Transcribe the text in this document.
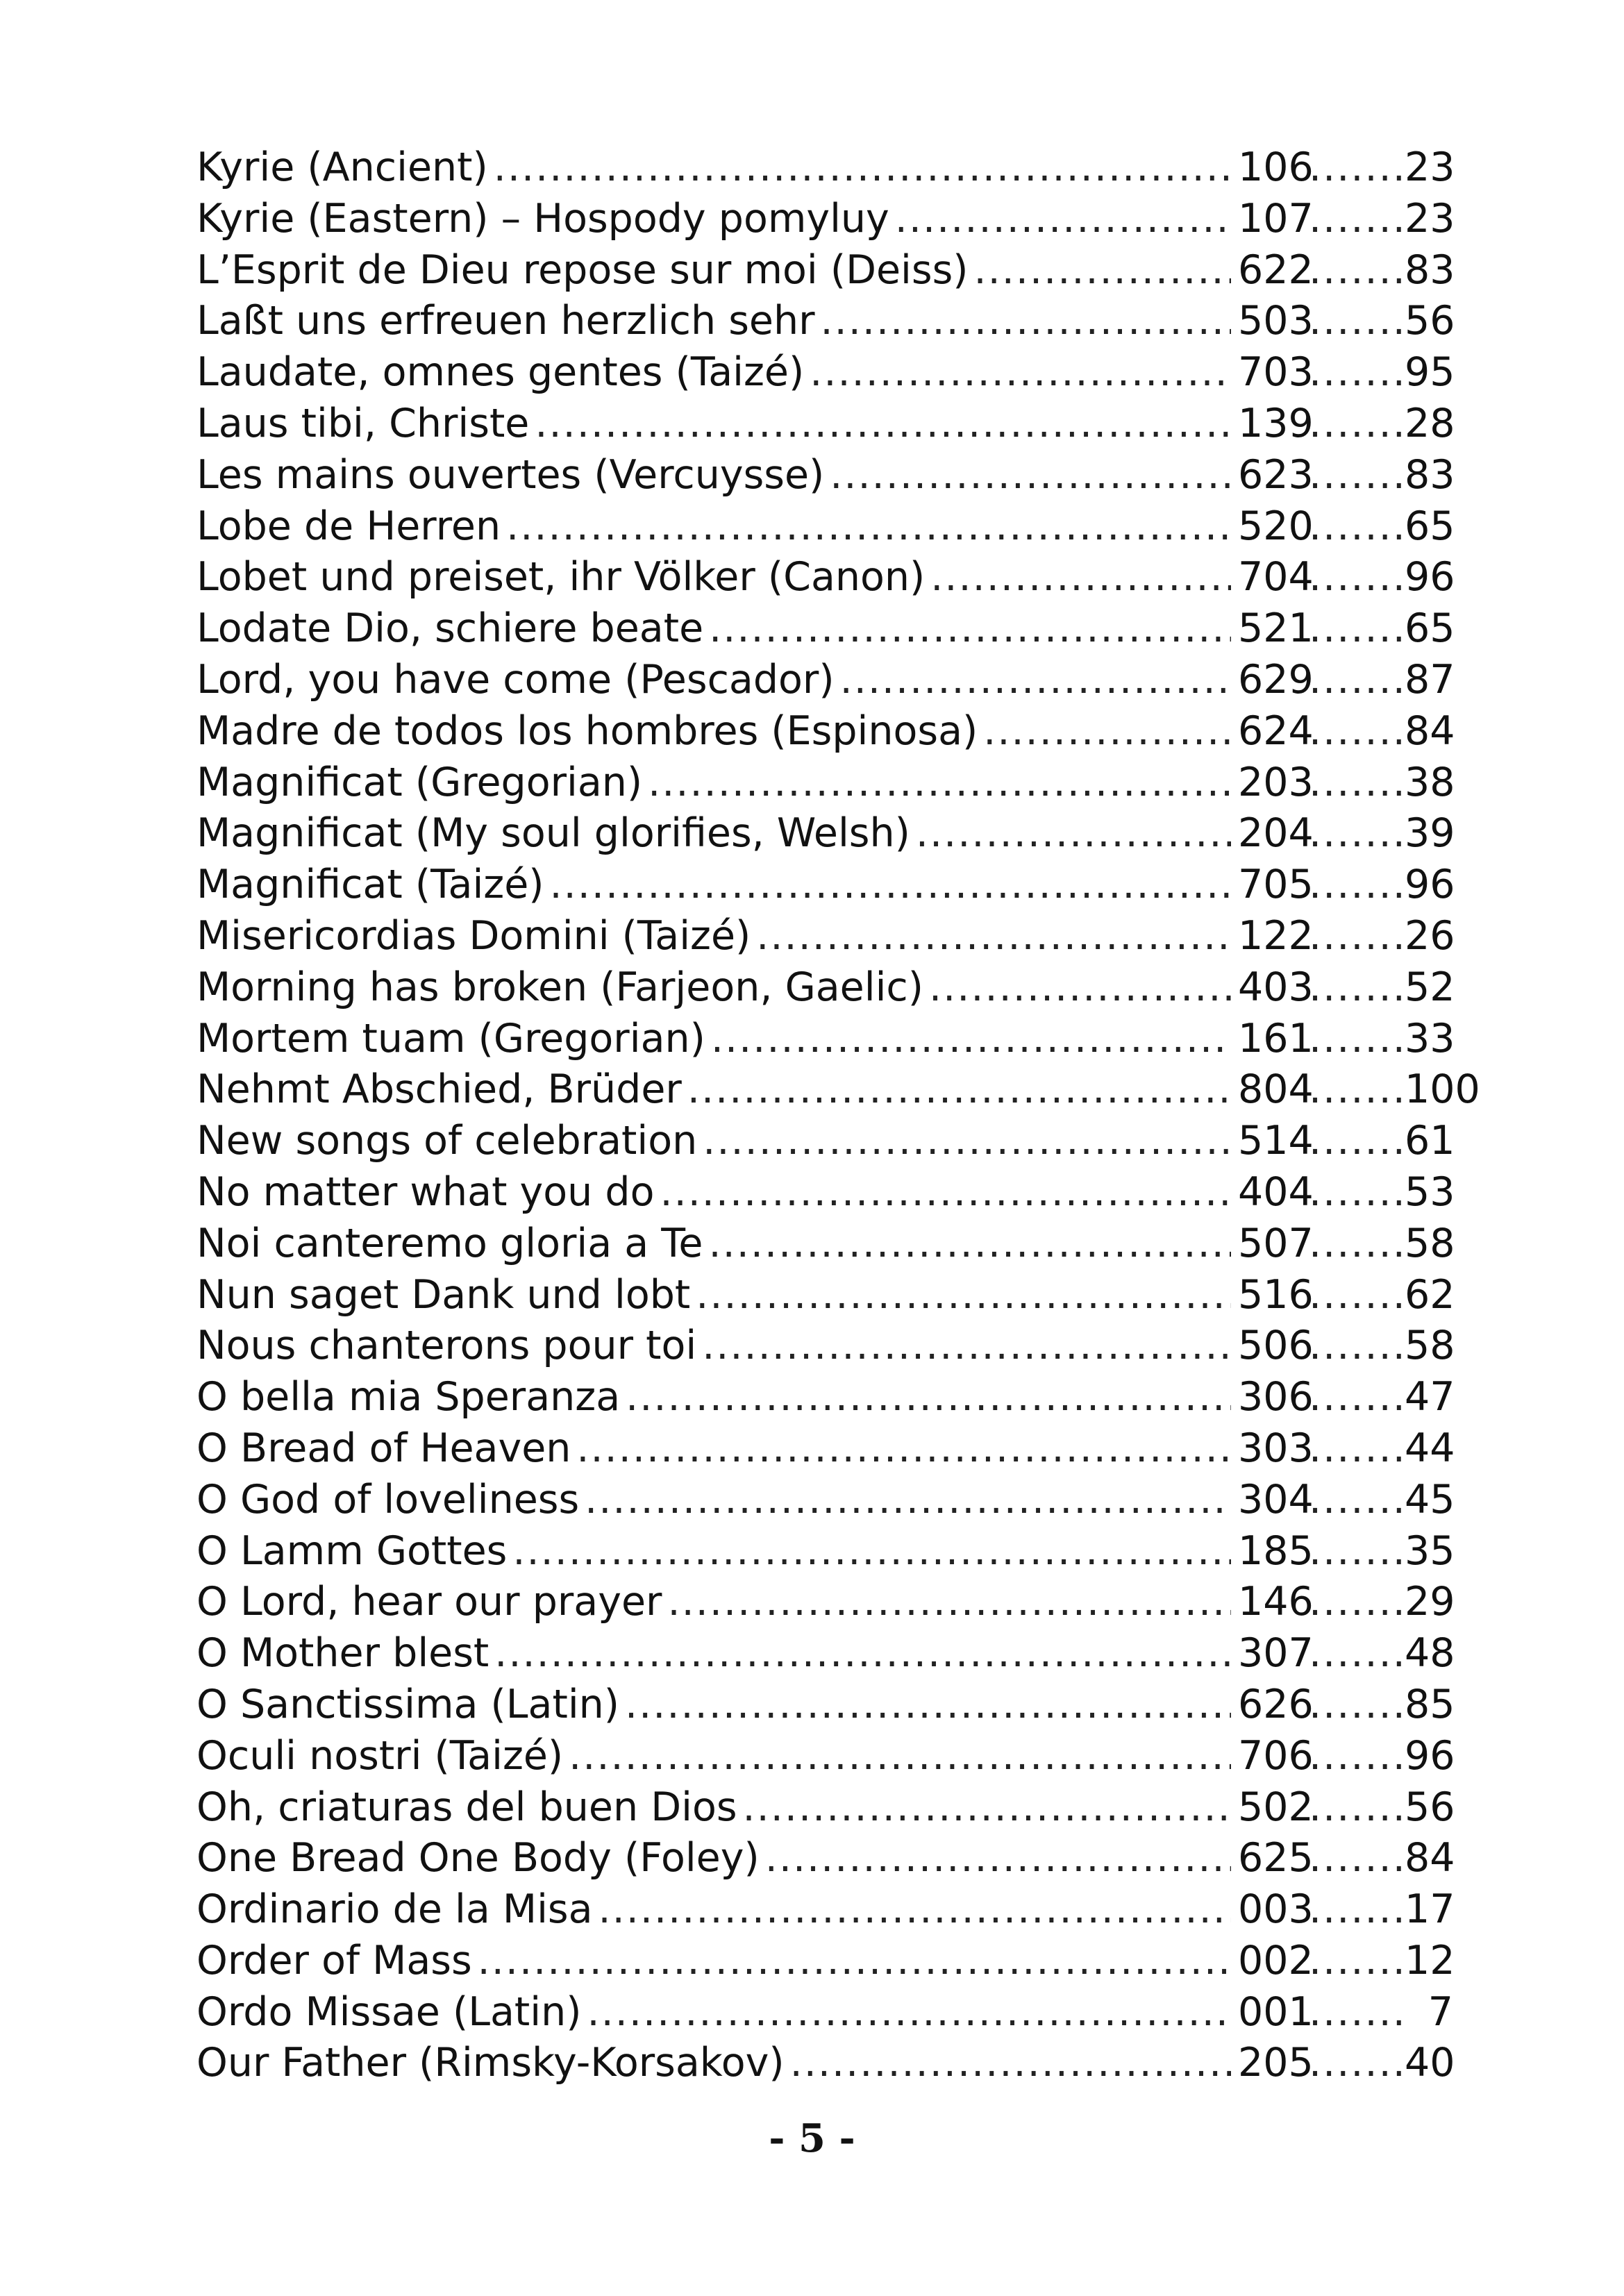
Kyrie (Ancient) .....	106 ..... 23
Kyrie (Eastern) – Hospody pomyluy .....	107 ..... 23
L’Esprit de Dieu repose sur moi (Deiss) .....	622 ..... 83
Laßt uns erfreuen herzlich sehr .....	503 ..... 56
Laudate, omnes gentes (Taizé) .....	703 ..... 95
Laus tibi, Christe .....	139 ..... 28
Les mains ouvertes (Vercuysse) .....	623 ..... 83
Lobe de Herren .....	520 ..... 65
Lobet und preiset, ihr Völker (Canon) .....	704 ..... 96
Lodate Dio, schiere beate .....	521 ..... 65
Lord, you have come (Pescador) .....	629 ..... 87
Madre de todos los hombres (Espinosa) .....	624 ..... 84
Magnificat (Gregorian) .....	203 ..... 38
Magnificat (My soul glorifies, Welsh) .....	204 ..... 39
Magnificat (Taizé) .....	705 ..... 96
Misericordias Domini (Taizé) .....	122 ..... 26
Morning has broken (Farjeon, Gaelic) .....	403 ..... 52
Mortem tuam (Gregorian) .....	161 ..... 33
Nehmt Abschied, Brüder .....	804 ..... 100
New songs of celebration .....	514 ..... 61
No matter what you do .....	404 ..... 53
Noi canteremo gloria a Te .....	507 ..... 58
Nun saget Dank und lobt .....	516 ..... 62
Nous chanterons pour toi .....	506 ..... 58
O bella mia Speranza .....	306 ..... 47
O Bread of Heaven .....	303 ..... 44
O God of loveliness .....	304 ..... 45
O Lamm Gottes .....	185 ..... 35
O Lord, hear our prayer .....	146 ..... 29
O Mother blest .....	307 ..... 48
O Sanctissima (Latin) .....	626 ..... 85
Oculi nostri (Taizé) .....	706 ..... 96
Oh, criaturas del buen Dios .....	502 ..... 56
One Bread One Body (Foley) .....	625 ..... 84
Ordinario de la Misa .....	003 ..... 17
Order of Mass .....	002 ..... 12
Ordo Missae (Latin) .....	001 .....	7
Our Father (Rimsky-Korsakov) .....	205 ..... 40
- 5 -
